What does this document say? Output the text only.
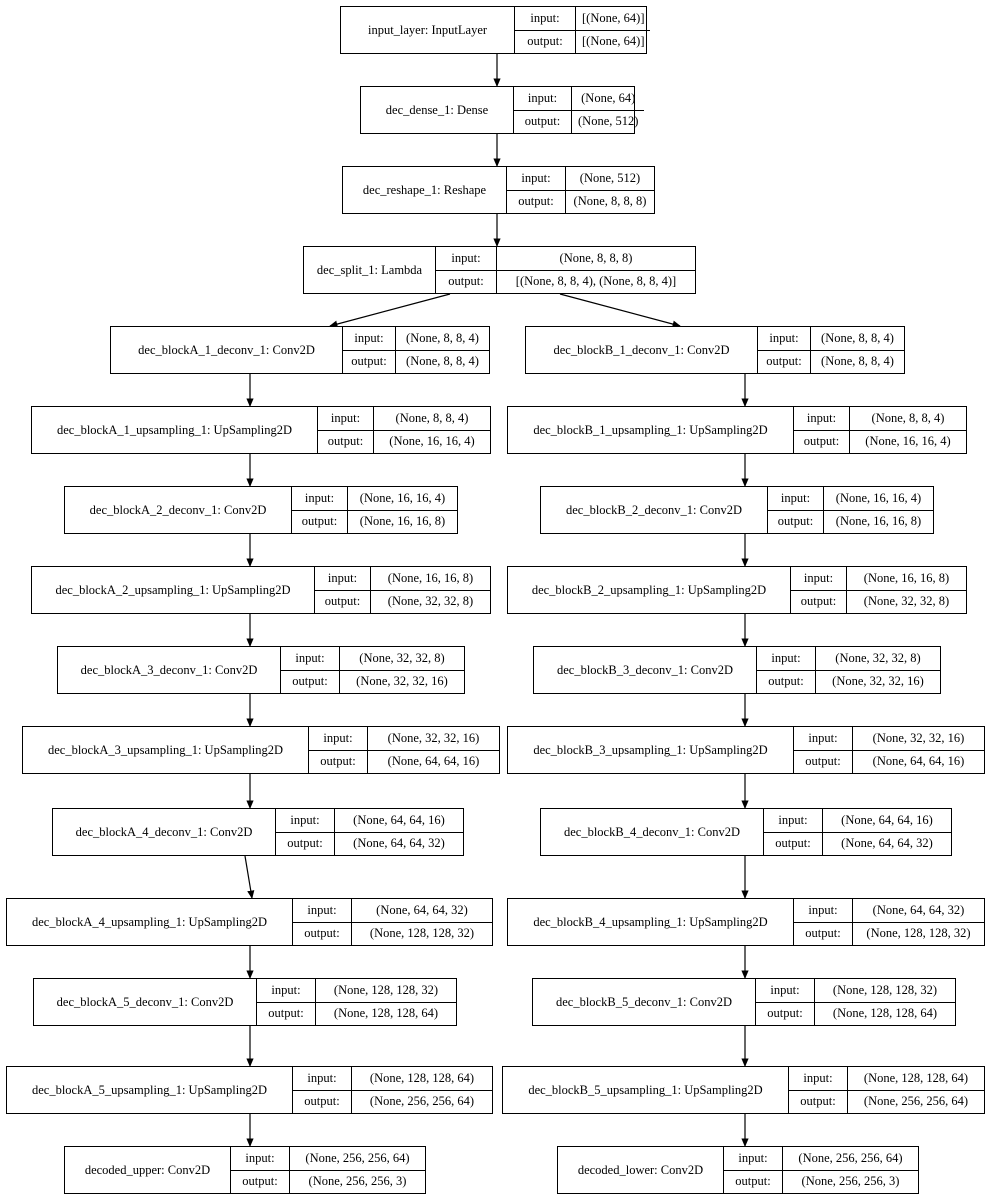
input_layer: InputLayer
input:	[(None, 64)]
output:	[(None, 64)]
dec_dense_1: Dense
input:	(None, 64)
output:	(None, 512)
dec_reshape_1: Reshape
input:	(None, 512)
output:	(None, 8, 8, 8)
dec_split_1: Lambda
input:	(None, 8, 8, 8)
output:	[(None, 8, 8, 4), (None, 8, 8, 4)]
dec_blockA_1_deconv_1: Conv2D
input:	(None, 8, 8, 4)
output:	(None, 8, 8, 4)
dec_blockB_1_deconv_1: Conv2D
input:	(None, 8, 8, 4)
output:	(None, 8, 8, 4)
dec_blockA_1_upsampling_1: UpSampling2D
input:	(None, 8, 8, 4)
output:	(None, 16, 16, 4)
dec_blockB_1_upsampling_1: UpSampling2D
input:	(None, 8, 8, 4)
output:	(None, 16, 16, 4)
dec_blockA_2_deconv_1: Conv2D
input:	(None, 16, 16, 4)
output:	(None, 16, 16, 8)
dec_blockB_2_deconv_1: Conv2D
input:	(None, 16, 16, 4)
output:	(None, 16, 16, 8)
dec_blockA_2_upsampling_1: UpSampling2D
input:	(None, 16, 16, 8)
output:	(None, 32, 32, 8)
dec_blockB_2_upsampling_1: UpSampling2D
input:	(None, 16, 16, 8)
output:	(None, 32, 32, 8)
dec_blockA_3_deconv_1: Conv2D
input:	(None, 32, 32, 8)
output:	(None, 32, 32, 16)
dec_blockB_3_deconv_1: Conv2D
input:	(None, 32, 32, 8)
output:	(None, 32, 32, 16)
dec_blockA_3_upsampling_1: UpSampling2D
input:	(None, 32, 32, 16)
output:	(None, 64, 64, 16)
dec_blockB_3_upsampling_1: UpSampling2D
input:	(None, 32, 32, 16)
output:	(None, 64, 64, 16)
dec_blockA_4_deconv_1: Conv2D
input:	(None, 64, 64, 16)
output:	(None, 64, 64, 32)
dec_blockB_4_deconv_1: Conv2D
input:	(None, 64, 64, 16)
output:	(None, 64, 64, 32)
dec_blockA_4_upsampling_1: UpSampling2D
input:	(None, 64, 64, 32)
output:	(None, 128, 128, 32)
dec_blockB_4_upsampling_1: UpSampling2D
input:	(None, 64, 64, 32)
output:	(None, 128, 128, 32)
dec_blockA_5_deconv_1: Conv2D
input:	(None, 128, 128, 32)
output:	(None, 128, 128, 64)
dec_blockB_5_deconv_1: Conv2D
input:	(None, 128, 128, 32)
output:	(None, 128, 128, 64)
dec_blockA_5_upsampling_1: UpSampling2D
input:	(None, 128, 128, 64)
output:	(None, 256, 256, 64)
dec_blockB_5_upsampling_1: UpSampling2D
input:	(None, 128, 128, 64)
output:	(None, 256, 256, 64)
decoded_upper: Conv2D
input:	(None, 256, 256, 64)
output:	(None, 256, 256, 3)
decoded_lower: Conv2D
input:	(None, 256, 256, 64)
output:	(None, 256, 256, 3)
